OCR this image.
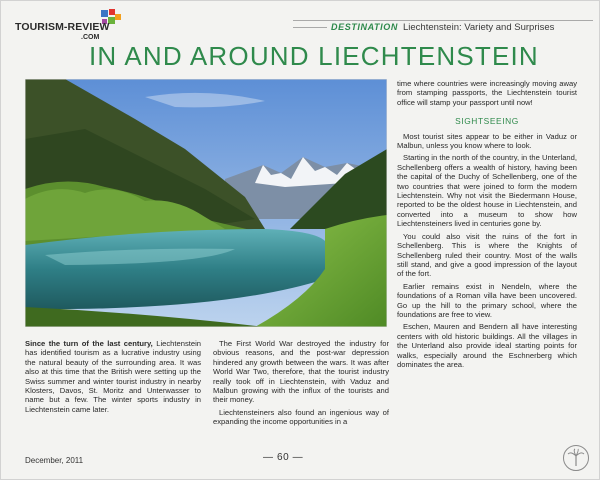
TOURISM-REVIEW
.COM
DESTINATION Liechtenstein: Variety and Surprises
IN AND AROUND LIECHTENSTEIN

Since the turn of the last century, Liechtenstein has identified tourism as a lucrative industry using the natural beauty of the surrounding area. It was also at this time that the British were setting up the Swiss summer and winter tourist industry in nearby Klosters, Davos, St. Moritz and Unterwasser to name but a few. The winter sports industry in Liechtenstein came later.

The First World War destroyed the industry for obvious reasons, and the post-war depression hindered any growth between the wars. It was after World War Two, therefore, that the tourist industry really took off in Liechtenstein, with Vaduz and Malbun growing with the influx of the tourists and their money.

Liechtensteiners also found an ingenious way of expanding the income opportunities in a

time where countries were increasingly moving away from stamping passports, the Liechtenstein tourist office will stamp your passport until now!

SIGHTSEEING

Most tourist sites appear to be either in Vaduz or Malbun, unless you know where to look.

Starting in the north of the country, in the Unterland, Schellenberg offers a wealth of history, having been the capital of the Duchy of Schellenberg, one of the two countries that were joined to form the modern Liechtenstein. Why not visit the Biedermann House, reported to be the oldest house in Liechtenstein, and converted into a museum to show how Liechtensteiners lived in centuries gone by.

You could also visit the ruins of the fort in Schellenberg. This is where the Knights of Schellenberg ruled their country. Most of the walls still stand, and give a good impression of the layout of the fort.

Earlier remains exist in Nendeln, where the foundations of a Roman villa have been uncovered. Go up the hill to the primary school, where the foundations are free to view.

Eschen, Mauren and Bendern all have interesting centers with old historic buildings. All the villages in the Unterland also provide ideal starting points for walks, especially around the Eschnerberg which dominates the area.

December, 2011	— 60 —
